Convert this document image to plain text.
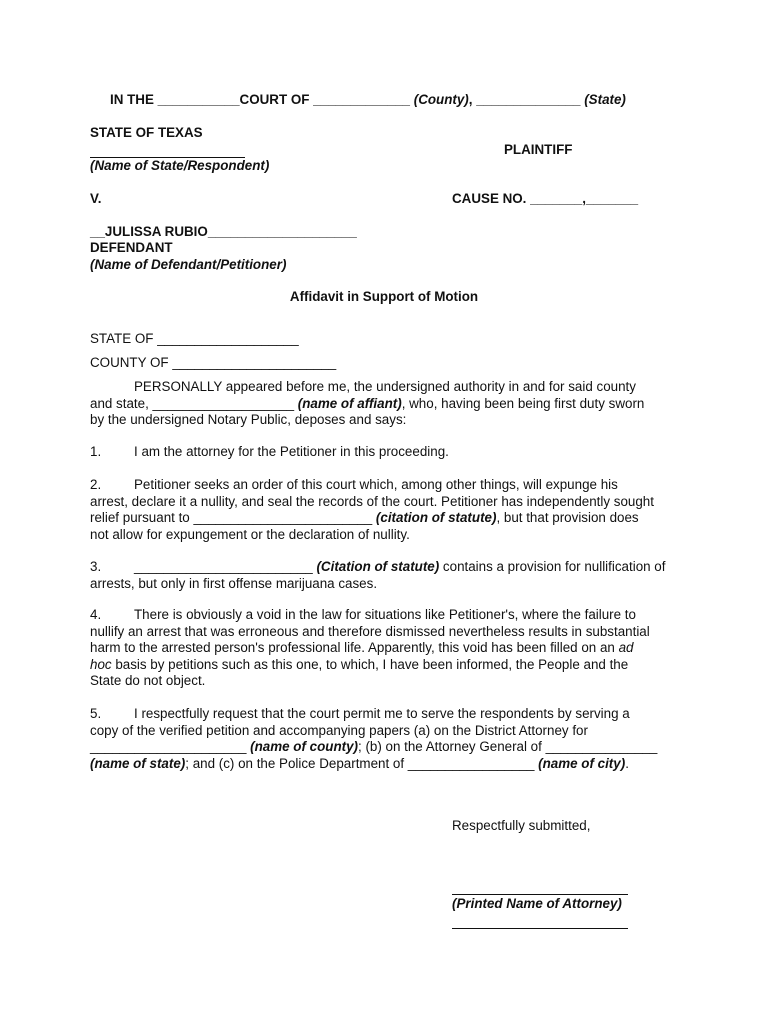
IN THE ___________COURT OF _____________ (County), ______________ (State)
STATE OF TEXAS
(Name of State/Respondent)
PLAINTIFF
V.	CAUSE NO. _______,_______
__JULISSA RUBIO____________________
DEFENDANT
(Name of Defendant/Petitioner)
Affidavit in Support of Motion
STATE OF ___________________
COUNTY OF ______________________
PERSONALLY appeared before me, the undersigned authority in and for said county
and state, ___________________ (name of affiant), who, having been being first duty sworn
by the undersigned Notary Public, deposes and says:
1. I am the attorney for the Petitioner in this proceeding.
2. Petitioner seeks an order of this court which, among other things, will expunge his
arrest, declare it a nullity, and seal the records of the court. Petitioner has independently sought
relief pursuant to ________________________ (citation of statute), but that provision does
not allow for expungement or the declaration of nullity.
3. ________________________ (Citation of statute) contains a provision for nullification of
arrests, but only in first offense marijuana cases.
4. There is obviously a void in the law for situations like Petitioner's, where the failure to
nullify an arrest that was erroneous and therefore dismissed nevertheless results in substantial
harm to the arrested person's professional life. Apparently, this void has been filled on an ad
hoc basis by petitions such as this one, to which, I have been informed, the People and the
State do not object.
5. I respectfully request that the court permit me to serve the respondents by serving a
copy of the verified petition and accompanying papers (a) on the District Attorney for
_____________________ (name of county); (b) on the Attorney General of _______________
(name of state); and (c) on the Police Department of _________________ (name of city).
Respectfully submitted,
(Printed Name of Attorney)
